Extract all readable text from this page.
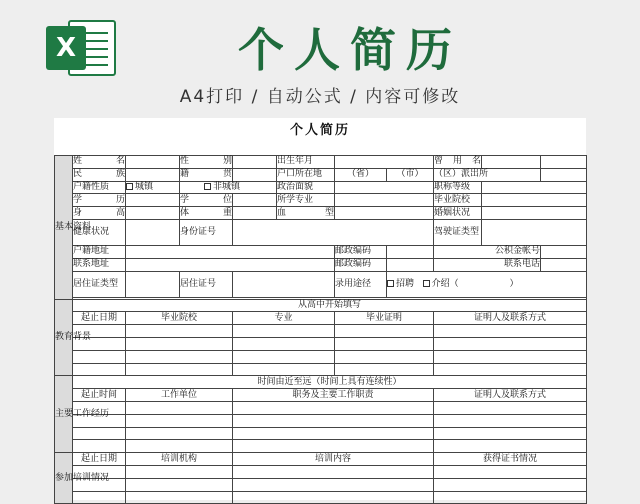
X	个人简历
A4打印 / 自动公式 / 内容可修改
个人简历
基本资料	姓名		性别		出生年月			曾用名		
	民族		籍贯		户口所在地	（省）	（市）	（区）派出所		
	户籍性质	城镇	非城镇		政治面貌			职称等级		
	学历		学位		所学专业			毕业院校		
	身高		体重		血型			婚姻状况		
	健康状况		身份证号					驾驶证类型		
	户籍地址					邮政编码		公积金帐号		
	联系地址					邮政编码		联系电话		
	居住证类型		居住证号			录用途径	招聘 介绍（ ）			

教育背景	从高中开始填写									
	起止日期	毕业院校		专业		毕业证明		证明人及联系方式		

主要工作经历	时间由近至远（时间上具有连续性）									
	起止时间	工作单位		职务及主要工作职责				证明人及联系方式		

参加培训情况	起止日期	培训机构		培训内容				获得证书情况		
